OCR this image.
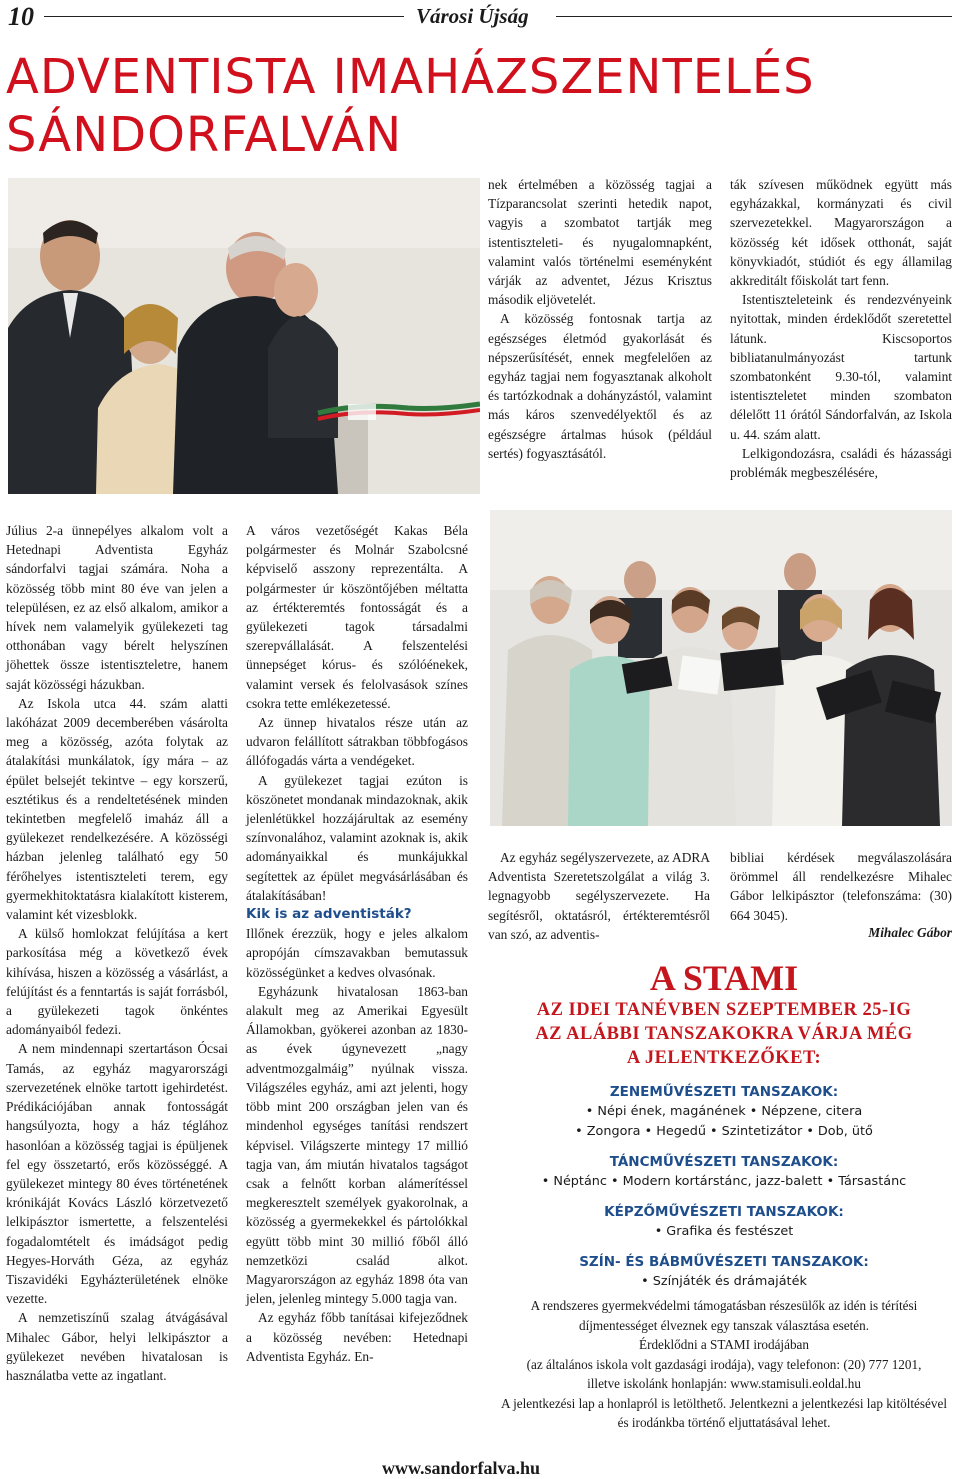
10	Városi Újság
ADVENTISTA IMAHÁZSZENTELÉS
SÁNDORFALVÁN

nek értelmében a közösség tagjai a Tízparancsolat szerinti hetedik napot, vagyis a szombatot tartják meg istentiszteleti- és nyugalomnapként, valamint valós történelmi eseményként várják az adventet, Jézus Krisztus második eljövetelét.

A közösség fontosnak tartja az egészséges életmód gyakorlását és népszerűsítését, ennek megfelelően az egyház tagjai nem fogyasztanak alkoholt és tartózkodnak a dohányzástól, valamint más káros szenvedélyektől és az egészségre ártalmas húsok (például sertés) fogyasztásától.

ták szívesen működnek együtt más egyházakkal, kormányzati és civil szervezetekkel. Magyarországon a közösség két idősek otthonát, saját könyvkiadót, stúdiót és egy államilag akkreditált főiskolát tart fenn.

Istentiszteleteink és rendezvényeink nyitottak, minden érdeklődőt szeretettel látunk. Kiscsoportos bibliatanulmányozást tartunk szombatonként 9.30-tól, valamint istentiszteletet minden szombaton délelőtt 11 órától Sándorfalván, az Iskola u. 44. szám alatt.

Lelkigondozásra, családi és házassági problémák megbeszélésére,

Július 2-a ünnepélyes alkalom volt a Hetednapi Adventista Egyház sándorfalvi tagjai számára. Noha a közösség több mint 80 éve van jelen a településen, ez az első alkalom, amikor a hívek nem valamelyik gyülekezeti tag otthonában vagy bérelt helyszínen jöhettek össze istentiszteletre, hanem saját közösségi házukban.

Az Iskola utca 44. szám alatti lakóházat 2009 decemberében vásárolta meg a közösség, azóta folytak az átalakítási munkálatok, így mára – az épület belsejét tekintve – egy korszerű, esztétikus és a rendeltetésének minden tekintetben megfelelő imaház áll a gyülekezet rendelkezésére. A közösségi házban jelenleg található egy 50 férőhelyes istentiszteleti terem, egy gyermekhitoktatásra kialakított kisterem, valamint két vizesblokk.

A külső homlokzat felújítása a kert parkosítása még a következő évek kihívása, hiszen a közösség a vásárlást, a felújítást és a fenntartás is saját forrásból, a gyülekezeti tagok önkéntes adományaiból fedezi.

A nem mindennapi szertartáson Ócsai Tamás, az egyház magyarországi szervezetének elnöke tartott igehirdetést. Prédikációjában annak fontosságát hangsúlyozta, hogy a ház téglához hasonlóan a közösség tagjai is épüljenek fel egy összetartó, erős közösséggé. A gyülekezet mintegy 80 éves történetének krónikáját Kovács László körzetvezető lelkipásztor ismertette, a felszentelési fogadalomtételt és imádságot pedig Hegyes-Horváth Géza, az egyház Tiszavidéki Egyházterületének elnöke vezette.

A nemzetiszínű szalag átvágásával Mihalec Gábor, helyi lelkipásztor a gyülekezet nevében hivatalosan is használatba vette az ingatlant.

A város vezetőségét Kakas Béla polgármester és Molnár Szabolcsné képviselő asszony reprezentálta. A polgármester úr köszöntőjében méltatta az értékteremtés fontosságát és a gyülekezeti tagok társadalmi szerepvállalását. A felszentelési ünnepséget kórus- és szólóénekek, valamint versek és felolvasások színes csokra tette emlékezetessé.

Az ünnep hivatalos része után az udvaron felállított sátrakban többfogásos állófogadás várta a vendégeket.

A gyülekezet tagjai ezúton is köszönetet mondanak mindazoknak, akik jelenlétükkel hozzájárultak az esemény színvonalához, valamint azoknak is, akik adományaikkal és munkájukkal segítettek az épület megvásárlásában és átalakításában!

Kik is az adventisták?

Illőnek érezzük, hogy e jeles alkalom apropóján címszavakban bemutassuk közösségünket a kedves olvasónak.

Egyházunk hivatalosan 1863-ban alakult meg az Amerikai Egyesült Államokban, gyökerei azonban az 1830-as évek úgynevezett „nagy adventmozgalmáig” nyúlnak vissza. Világszéles egyház, ami azt jelenti, hogy több mint 200 országban jelen van és mindenhol egységes tanítási rendszert képvisel. Világszerte mintegy 17 millió tagja van, ám miután hivatalos tagságot csak a felnőtt korban alámerítéssel megkeresztelt személyek gyakorolnak, a közösség a gyermekekkel és pártolókkal együtt több mint 30 millió főből álló nemzetközi család alkot. Magyarországon az egyház 1898 óta van jelen, jelenleg mintegy 5.000 tagja van.

Az egyház főbb tanításai kifejeződnek a közösség nevében: Hetednapi Adventista Egyház. En-

Az egyház segélyszervezete, az ADRA Adventista Szeretetszolgálat a világ 3. legnagyobb segélyszervezete. Ha segítésről, oktatásról, értékteremtésről van szó, az adventis-

bibliai kérdések megválaszolására örömmel áll rendelkezésre Mihalec Gábor lelkipásztor (telefonszáma: (30) 664 3045).

Mihalec Gábor
A STAMI
AZ IDEI TANÉVBEN SZEPTEMBER 25-IG
AZ ALÁBBI TANSZAKOKRA VÁRJA MÉG
A JELENTKEZŐKET:
ZENEMŰVÉSZETI TANSZAKOK:
• Népi ének, magánének • Népzene, citera
• Zongora • Hegedű • Szintetizátor • Dob, ütő
TÁNCMŰVÉSZETI TANSZAKOK:
• Néptánc • Modern kortárstánc, jazz-balett • Társastánc
KÉPZŐMŰVÉSZETI TANSZAKOK:
• Grafika és festészet
SZÍN- ÉS BÁBMŰVÉSZETI TANSZAKOK:
• Színjáték és drámajáték
A rendszeres gyermekvédelmi támogatásban részesülők az idén is térítési díjmentességet élveznek egy tanszak választása esetén.
Érdeklődni a STAMI irodájában
(az általános iskola volt gazdasági irodája), vagy telefonon: (20) 777 1201,
illetve iskolánk honlapján: www.stamisuli.eoldal.hu
A jelentkezési lap a honlapról is letölthető. Jelentkezni a jelentkezési lap kitöltésével és irodánkba történő eljuttatásával lehet.
www.sandorfalva.hu
